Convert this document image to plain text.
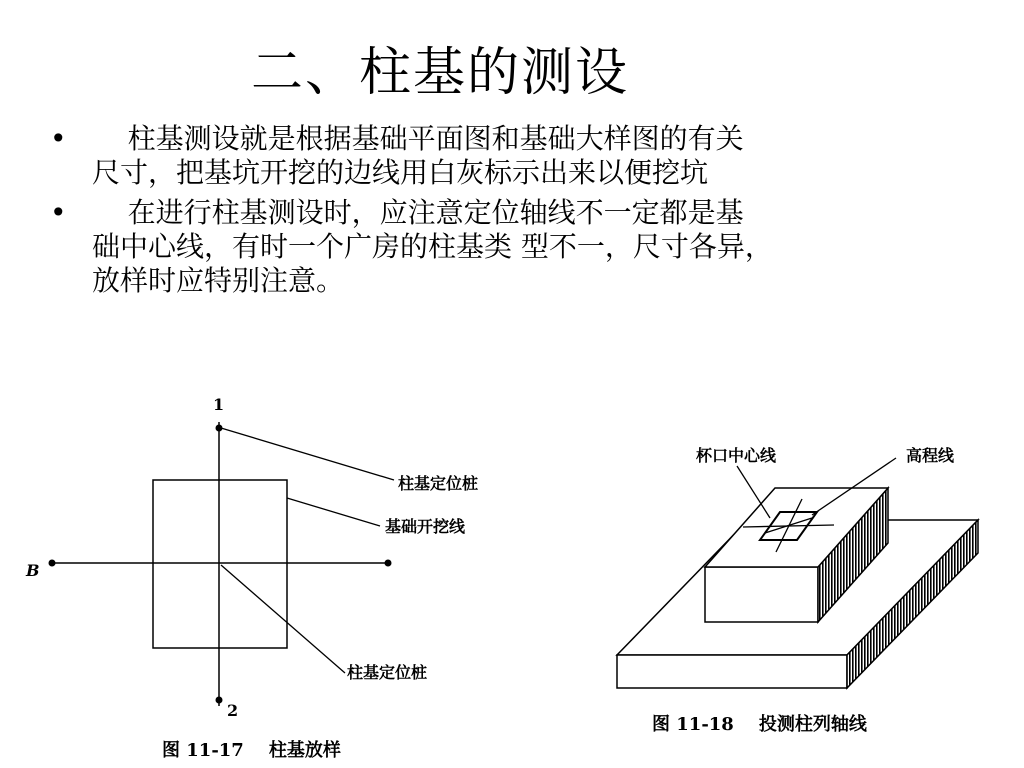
二、柱基的测设
•	柱基测设就是根据基础平面图和基础大样图的有关
尺寸，把基坑开挖的边线用白灰标示出来以便挖坑
•	在进行柱基测设时，应注意定位轴线不一定都是基
础中心线，有时一个广房的柱基类 型不一，尺寸各异，
放样时应特别注意。
1
2
B
柱基定位桩
基础开挖线
柱基定位桩
图 11-17    柱基放样
杯口中心线	高程线
图 11-18    投测柱列轴线
